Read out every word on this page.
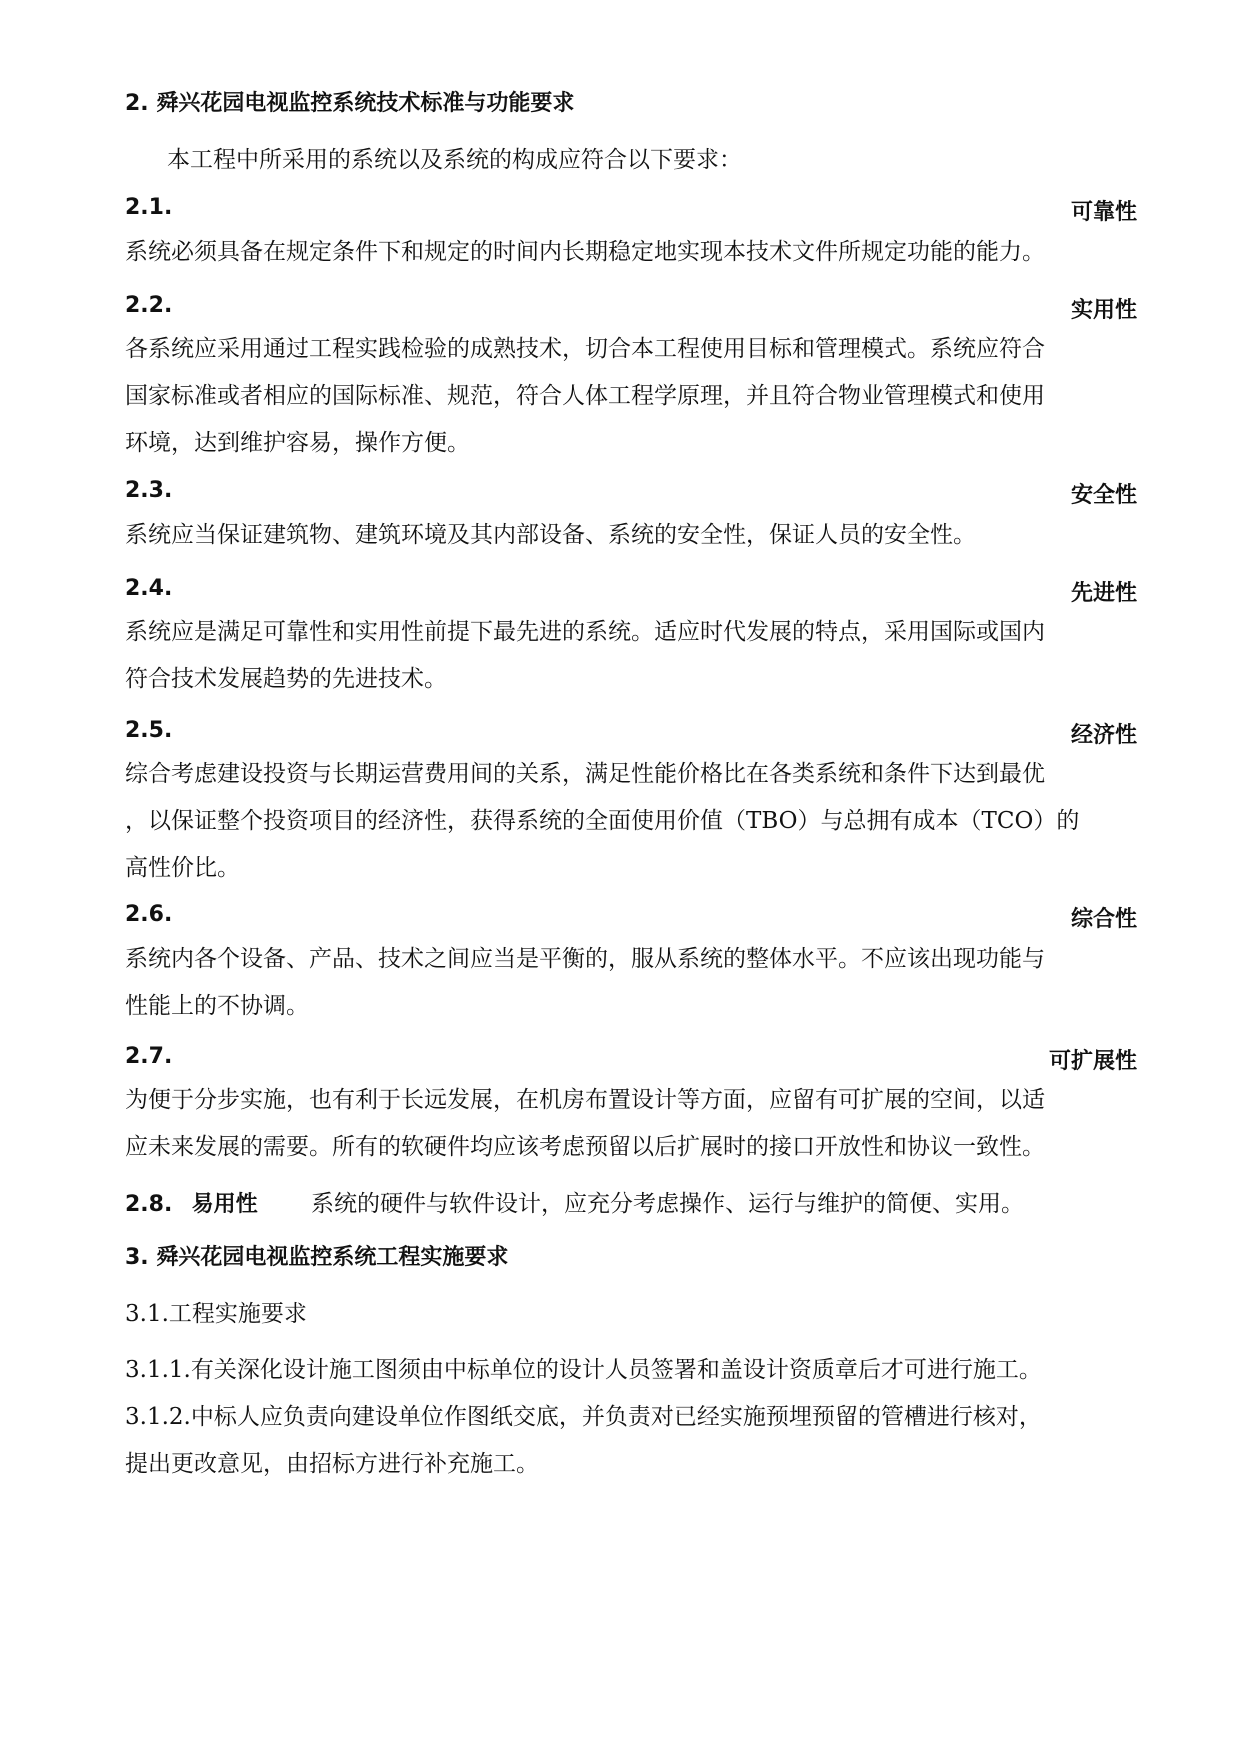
2. 舜兴花园电视监控系统技术标准与功能要求
本工程中所采用的系统以及系统的构成应符合以下要求：
2.1.	可靠性
系统必须具备在规定条件下和规定的时间内长期稳定地实现本技术文件所规定功能的能力。
2.2.	实用性
各系统应采用通过工程实践检验的成熟技术，切合本工程使用目标和管理模式。系统应符合
国家标准或者相应的国际标准、规范，符合人体工程学原理，并且符合物业管理模式和使用
环境，达到维护容易，操作方便。
2.3.	安全性
系统应当保证建筑物、建筑环境及其内部设备、系统的安全性，保证人员的安全性。
2.4.	先进性
系统应是满足可靠性和实用性前提下最先进的系统。适应时代发展的特点，采用国际或国内
符合技术发展趋势的先进技术。
2.5.	经济性
综合考虑建设投资与长期运营费用间的关系，满足性能价格比在各类系统和条件下达到最优
，以保证整个投资项目的经济性，获得系统的全面使用价值（TBO）与总拥有成本（TCO）的
高性价比。
2.6.	综合性
系统内各个设备、产品、技术之间应当是平衡的，服从系统的整体水平。不应该出现功能与
性能上的不协调。
2.7.	可扩展性
为便于分步实施，也有利于长远发展，在机房布置设计等方面，应留有可扩展的空间，以适
应未来发展的需要。所有的软硬件均应该考虑预留以后扩展时的接口开放性和协议一致性。
2.8. 易用性 系统的硬件与软件设计，应充分考虑操作、运行与维护的简便、实用。
3. 舜兴花园电视监控系统工程实施要求
3.1.工程实施要求
3.1.1.有关深化设计施工图须由中标单位的设计人员签署和盖设计资质章后才可进行施工。
3.1.2.中标人应负责向建设单位作图纸交底，并负责对已经实施预埋预留的管槽进行核对，
提出更改意见，由招标方进行补充施工。
